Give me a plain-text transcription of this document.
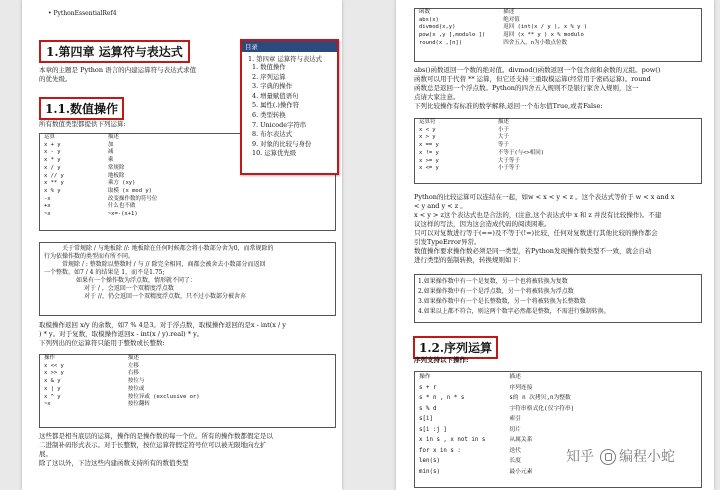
• PythonEssentialRef4
1.第四章 运算符与表达式
本章的主题是 Python 语言的内建运算符与表达式求值
的优先级。
1.1.数值操作
所有数值类型都提供下列运算:
运算	描述
x + y	加
x - y	减
x * y	乘
x / y	常规除
x // y	地板除
x ** y	乘方 (xy)
x % y	取模 (x mod y)
-x	改变操作数的符号位
+x	什么也不做
~x	~x=-(x+1)
关于常规除 / 与地板除 //: 地板除在任何时候都会将小数部分舍为0，而常规除的
行为依操作数的类型而有所不同。
常规除 / : 整数除以整数时 / 与 // 除完全相同，商都会被舍去小数部分而返回
一个整数。如7 / 4 的结果是 1，而不是1.75;
如果有一个操作数为浮点数，情形就不同了：
对于 / ，会返回一个双精度浮点数
对于 //，仍会返回一个双精度浮点数，只不过小数部分被舍弃
取模操作返回 x/y 的余数，如7 % 4是3。对于浮点数，取模操作返回的是x - int(x / y
) * y。对于复数，取模操作返回x - int(x / y).real) * y。
下列列出的位运算符只能用于整数或长整数:
操作	描述
x << y	左移
x >> y	右移
x & y	按位与
x | y	按位或
x ^ y	按位异或 (exclusive or)
~x	按位翻转
这些都是相当底层的运算，操作的是操作数的每一个位。所有的操作数都假定是以
二进制补码形式表示。对于长整数，按位运算符假定符号位可以被无限地向左扩
展。
除了这以外，下边这些内建函数支持所有的数值类型
目录
1. 第四章 运算符与表达式
1. 数值操作
2. 序列运算
3. 字典的操作
4. 增量赋值语句
5. 属性(.)操作符
6. 类型转换
7. Unicode字符串
8. 布尔表达式
9. 对象的比较与身份
10. 运算优先级
函数	描述
abs(x)	绝对值
divmod(x,y)	返回 (int(x / y ), x % y )
pow(x ,y [,modulo ])	返回 (x ** y ) x % modulo
round(x ,[n])	四舍五入，n为小数点位数
abs()函数返回一个数的绝对值。divmod()函数返回一个包含商和余数的元组。pow()
函数可以用于代替 ** 运算，但它还支持三重取模运算(经常用于密码运算)。round
函数总是返回一个浮点数。Python的四舍五入规则不是银行家舍入规则，这一
点请大家注意。
下列比较操作有标准的数学解释,返回一个布尔值True,或者False:
运算符	描述
x < y	小于
x > y	大于
x == y	等于
x != y	不等于(与<>相同)
x >= y	大于等于
x <= y	小于等于
Python的比较运算可以连结在一起，如w < x < y < z 。这个表达式等价于 w < x and x
< y and y < z 。
x < y > z这个表达式也是合法的，(注意,这个表达式中 x 和 z 并没有比较操作)。不建
议这样的写法，因为这会造成代码的阅读困难。
只可以对复数进行等于(==)及不等于(!=)比较，任何对复数进行其他比较的操作都会
引发TypeError异常。
数值操作要求操作数必须是同一类型，若Python发现操作数类型不一致，就会自动
进行类型的强制转换，转换规则如下：
1.如果操作数中有一个是复数，另一个也将被转换为复数
2.如果操作数中有一个是浮点数，另一个将被转换为浮点数
3.如果操作数中有一个是长整数数，另一个将被转换为长整数数
4.如果以上都不符合，则这两个数字必然都是整数，不需进行强制转换。
1.2.序列运算
序列支持以下操作:
操作	描述
s + r	序列连接
s * n , n * s	s的 n 次拷贝,n为整数
s % d	字符串格式化(仅字符串)
s[i]	索引
s[i :j ]	切片
x in s , x not in s	从属关系
for x in s :	迭代
len(s)	长度
min(s)	最小元素
知乎 编程小蛇
